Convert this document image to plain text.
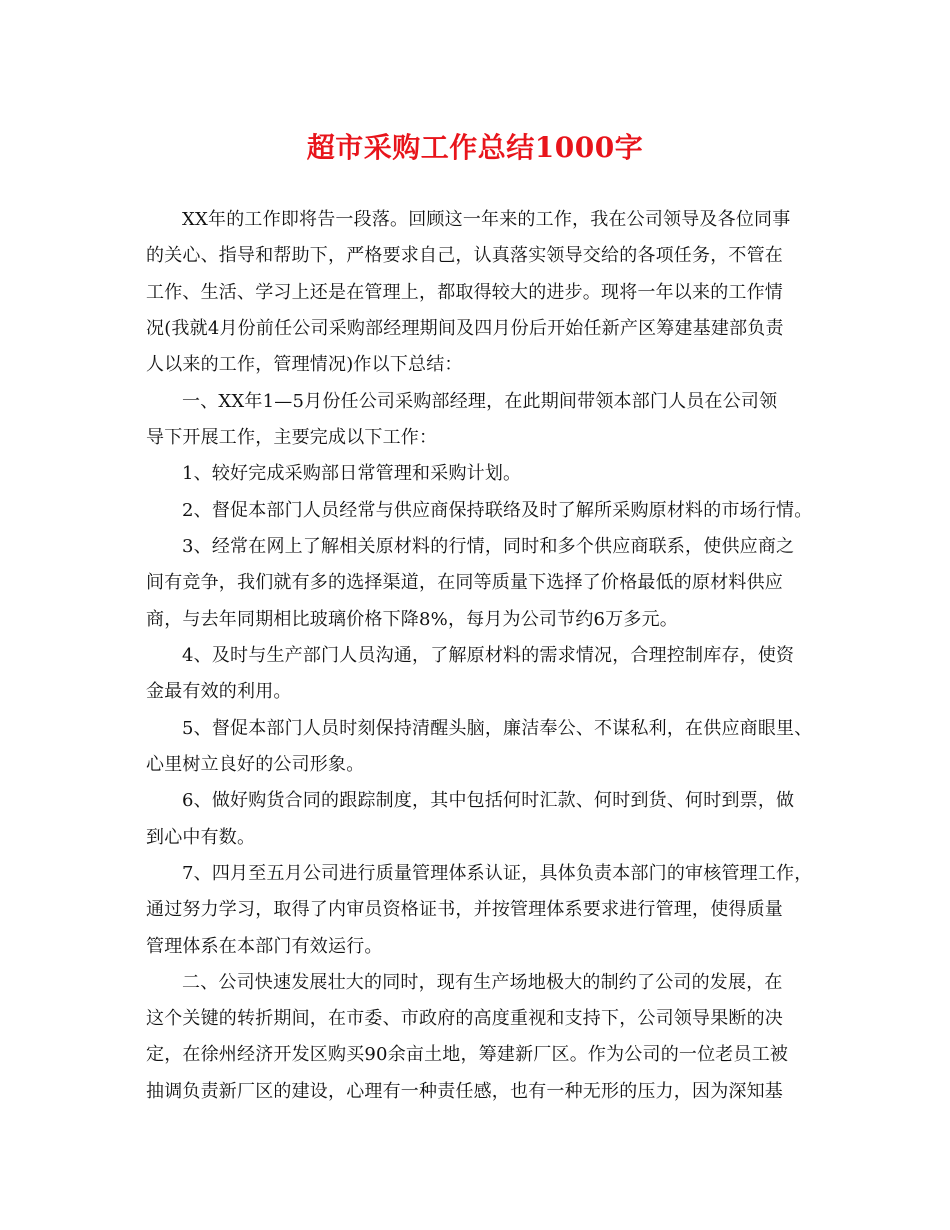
超市采购工作总结1000字
XX年的工作即将告一段落。回顾这一年来的工作，我在公司领导及各位同事
的关心、指导和帮助下，严格要求自己，认真落实领导交给的各项任务，不管在
工作、生活、学习上还是在管理上，都取得较大的进步。现将一年以来的工作情
况(我就4月份前任公司采购部经理期间及四月份后开始任新产区筹建基建部负责
人以来的工作，管理情况)作以下总结：
一、XX年1—5月份任公司采购部经理，在此期间带领本部门人员在公司领
导下开展工作，主要完成以下工作：
1、较好完成采购部日常管理和采购计划。
2、督促本部门人员经常与供应商保持联络及时了解所采购原材料的市场行情。
3、经常在网上了解相关原材料的行情，同时和多个供应商联系，使供应商之
间有竞争，我们就有多的选择渠道，在同等质量下选择了价格最低的原材料供应
商，与去年同期相比玻璃价格下降8%，每月为公司节约6万多元。
4、及时与生产部门人员沟通，了解原材料的需求情况，合理控制库存，使资
金最有效的利用。
5、督促本部门人员时刻保持清醒头脑，廉洁奉公、不谋私利，在供应商眼里、
心里树立良好的公司形象。
6、做好购货合同的跟踪制度，其中包括何时汇款、何时到货、何时到票，做
到心中有数。
7、四月至五月公司进行质量管理体系认证，具体负责本部门的审核管理工作，
通过努力学习，取得了内审员资格证书，并按管理体系要求进行管理，使得质量
管理体系在本部门有效运行。
二、公司快速发展壮大的同时，现有生产场地极大的制约了公司的发展，在
这个关键的转折期间，在市委、市政府的高度重视和支持下，公司领导果断的决
定，在徐州经济开发区购买90余亩土地，筹建新厂区。作为公司的一位老员工被
抽调负责新厂区的建设，心理有一种责任感，也有一种无形的压力，因为深知基
